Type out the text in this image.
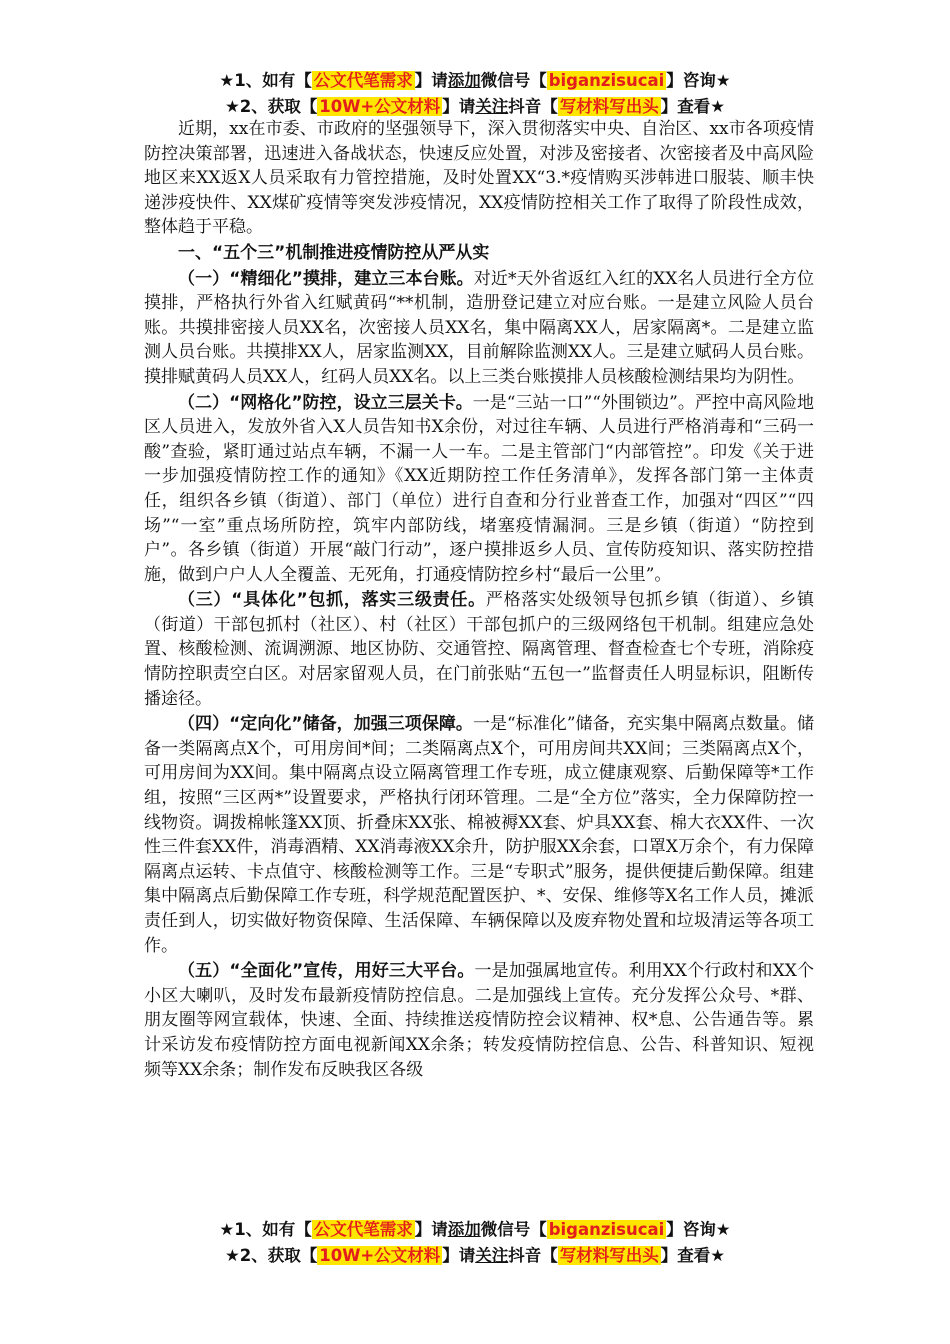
★1、如有【 公文代笔需求 】请添加微信号【 biganzisucai 】咨询★
★2、获取【 10W+公文材料 】请关注抖音【 写材料写出头 】查看★

近期，xx在市委、市政府的坚强领导下，深入贯彻落实中央、自治区、xx市各项疫情防控决策部署，迅速进入备战状态，快速反应处置，对涉及密接者、次密接者及中高风险地区来XX返X人员采取有力管控措施，及时处置XX“3.*疫情购买涉韩进口服装、顺丰快递涉疫快件、XX煤矿疫情等突发涉疫情况，XX疫情防控相关工作了取得了阶段性成效，整体趋于平稳。

一、“五个三”机制推进疫情防控从严从实

（一）“精细化”摸排，建立三本台账。对近*天外省返红入红的XX名人员进行全方位摸排，严格执行外省入红赋黄码“**机制，造册登记建立对应台账。一是建立风险人员台账。共摸排密接人员XX名，次密接人员XX名，集中隔离XX人，居家隔离*。二是建立监测人员台账。共摸排XX人，居家监测XX，目前解除监测XX人。三是建立赋码人员台账。摸排赋黄码人员XX人，红码人员XX名。以上三类台账摸排人员核酸检测结果均为阴性。

（二）“网格化”防控，设立三层关卡。一是“三站一口”“外围锁边”。严控中高风险地区人员进入，发放外省入X人员告知书X余份，对过往车辆、人员进行严格消毒和“三码一酸”查验，紧盯通过站点车辆，不漏一人一车。二是主管部门“内部管控”。印发《关于进一步加强疫情防控工作的通知》《XX近期防控工作任务清单》，发挥各部门第一主体责任，组织各乡镇（街道）、部门（单位）进行自查和分行业普查工作，加强对“四区”“四场”“一室”重点场所防控，筑牢内部防线，堵塞疫情漏洞。三是乡镇（街道）“防控到户”。各乡镇（街道）开展“敲门行动”，逐户摸排返乡人员、宣传防疫知识、落实防控措施，做到户户人人全覆盖、无死角，打通疫情防控乡村“最后一公里”。

（三）“具体化”包抓，落实三级责任。严格落实处级领导包抓乡镇（街道）、乡镇（街道）干部包抓村（社区）、村（社区）干部包抓户的三级网络包干机制。组建应急处置、核酸检测、流调溯源、地区协防、交通管控、隔离管理、督查检查七个专班，消除疫情防控职责空白区。对居家留观人员，在门前张贴“五包一”监督责任人明显标识，阻断传播途径。

（四）“定向化”储备，加强三项保障。一是“标准化”储备，充实集中隔离点数量。储备一类隔离点X个，可用房间*间；二类隔离点X个，可用房间共XX间；三类隔离点X个，可用房间为XX间。集中隔离点设立隔离管理工作专班，成立健康观察、后勤保障等*工作组，按照“三区两*”设置要求，严格执行闭环管理。二是“全方位”落实，全力保障防控一线物资。调拨棉帐篷XX顶、折叠床XX张、棉被褥XX套、炉具XX套、棉大衣XX件、一次性三件套XX件，消毒酒精、XX消毒液XX余升，防护服XX余套，口罩X万余个，有力保障隔离点运转、卡点值守、核酸检测等工作。三是“专职式”服务，提供便捷后勤保障。组建集中隔离点后勤保障工作专班，科学规范配置医护、*、安保、维修等X名工作人员，摊派责任到人，切实做好物资保障、生活保障、车辆保障以及废弃物处置和垃圾清运等各项工作。

（五）“全面化”宣传，用好三大平台。一是加强属地宣传。利用XX个行政村和XX个小区大喇叭，及时发布最新疫情防控信息。二是加强线上宣传。充分发挥公众号、*群、朋友圈等网宣载体，快速、全面、持续推送疫情防控会议精神、权*息、公告通告等。累计采访发布疫情防控方面电视新闻XX余条；转发疫情防控信息、公告、科普知识、短视频等XX余条；制作发布反映我区各级

★1、如有【 公文代笔需求 】请添加微信号【 biganzisucai 】咨询★
★2、获取【 10W+公文材料 】请关注抖音【 写材料写出头 】查看★
